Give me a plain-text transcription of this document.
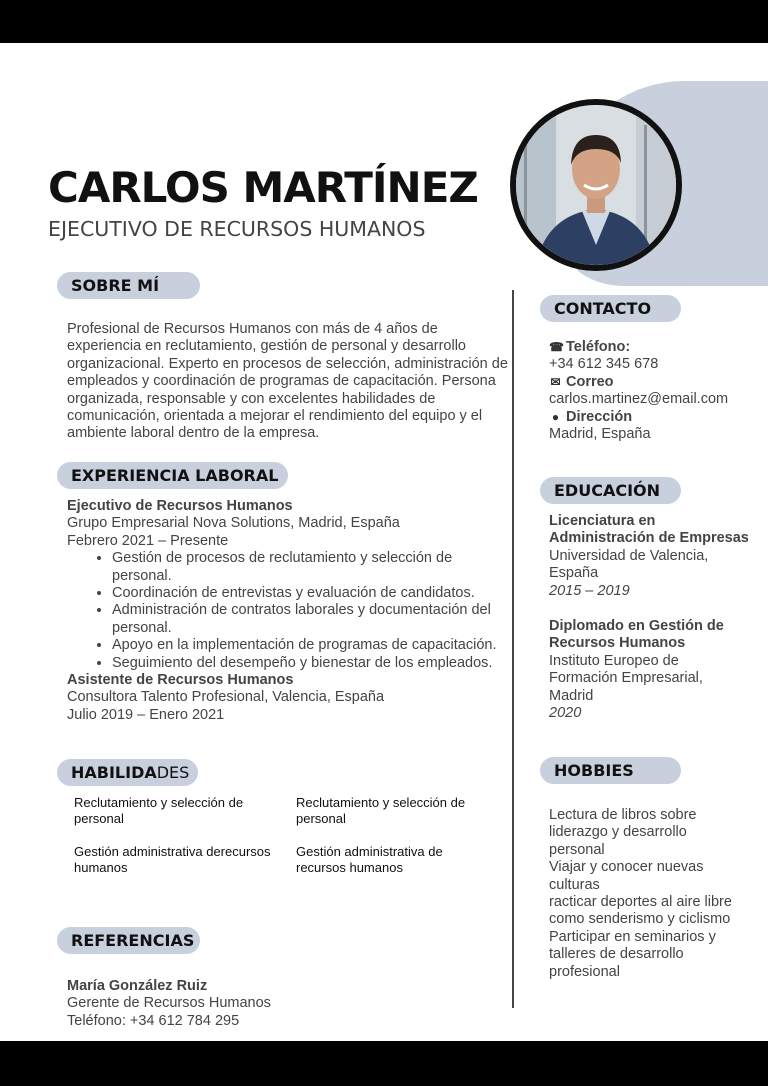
CARLOS MARTÍNEZ
EJECUTIVO DE RECURSOS HUMANOS
SOBRE MÍ
Profesional de Recursos Humanos con más de 4 años de experiencia en reclutamiento, gestión de personal y desarrollo organizacional. Experto en procesos de selección, administración de empleados y coordinación de programas de capacitación. Persona organizada, responsable y con excelentes habilidades de comunicación, orientada a mejorar el rendimiento del equipo y el ambiente laboral dentro de la empresa.
EXPERIENCIA LABORAL
Ejecutivo de Recursos Humanos
Grupo Empresarial Nova Solutions, Madrid, España
Febrero 2021 – Presente
• Gestión de procesos de reclutamiento y selección de personal.
• Coordinación de entrevistas y evaluación de candidatos.
• Administración de contratos laborales y documentación del personal.
• Apoyo en la implementación de programas de capacitación.
• Seguimiento del desempeño y bienestar de los empleados.
Asistente de Recursos Humanos
Consultora Talento Profesional, Valencia, España
Julio 2019 – Enero 2021
HABILIDADES
Reclutamiento y selección de personal
Reclutamiento y selección de personal
Gestión administrativa derecursos humanos
Gestión administrativa de recursos humanos
REFERENCIAS
María González Ruiz
Gerente de Recursos Humanos
Teléfono: +34 612 784 295
CONTACTO
☎ Teléfono:
+34 612 345 678
✉ Correo
carlos.martinez@email.com
● Dirección
Madrid, España
EDUCACIÓN
Licenciatura en Administración de Empresas
Universidad de Valencia, España
2015 – 2019
Diplomado en Gestión de Recursos Humanos
Instituto Europeo de Formación Empresarial, Madrid
2020
HOBBIES
Lectura de libros sobre liderazgo y desarrollo personal
Viajar y conocer nuevas culturas
racticar deportes al aire libre como senderismo y ciclismo
Participar en seminarios y talleres de desarrollo profesional
